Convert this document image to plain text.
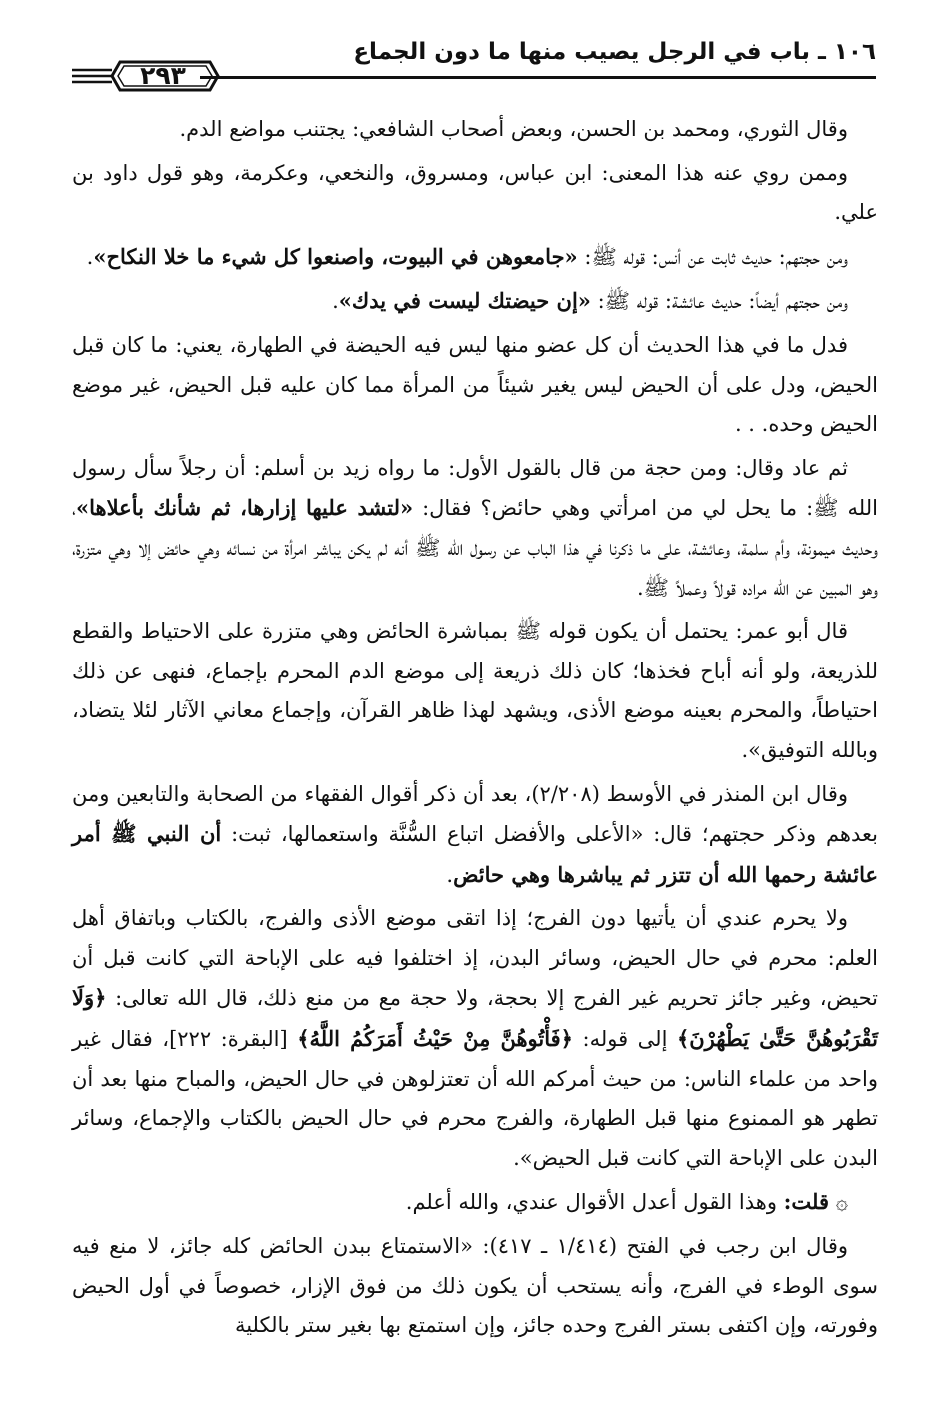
١٠٦ ـ باب في الرجل يصيب منها ما دون الجماع
٢٩٣

وقال الثوري، ومحمد بن الحسن، وبعض أصحاب الشافعي: يجتنب مواضع الدم.

وممن روي عنه هذا المعنى: ابن عباس، ومسروق، والنخعي، وعكرمة، وهو قول داود بن علي.

ومن حجتهم: حديث ثابت عن أنس: قوله ﷺ: «جامعوهن في البيوت، واصنعوا كل شيء ما خلا النكاح».

ومن حجتهم أيضاً: حديث عائشة: قوله ﷺ: «إن حيضتك ليست في يدك».

فدل ما في هذا الحديث أن كل عضو منها ليس فيه الحيضة في الطهارة، يعني: ما كان قبل الحيض، ودل على أن الحيض ليس يغير شيئاً من المرأة مما كان عليه قبل الحيض، غير موضع الحيض وحده. . .

ثم عاد وقال: ومن حجة من قال بالقول الأول: ما رواه زيد بن أسلم: أن رجلاً سأل رسول الله ﷺ: ما يحل لي من امرأتي وهي حائض؟ فقال: «لتشد عليها إزارها، ثم شأنك بأعلاها»، وحديث ميمونة، وأم سلمة، وعائشة، على ما ذكرنا في هذا الباب عن رسول الله ﷺ أنه لم يكن يباشر امرأة من نسائه وهي حائض إلا وهي متزرة، وهو المبين عن الله مراده قولاً وعملاً ﷺ.

قال أبو عمر: يحتمل أن يكون قوله ﷺ بمباشرة الحائض وهي متزرة على الاحتياط والقطع للذريعة، ولو أنه أباح فخذها؛ كان ذلك ذريعة إلى موضع الدم المحرم بإجماع، فنهى عن ذلك احتياطاً، والمحرم بعينه موضع الأذى، ويشهد لهذا ظاهر القرآن، وإجماع معاني الآثار لئلا يتضاد، وبالله التوفيق».

وقال ابن المنذر في الأوسط (٢/٢٠٨)، بعد أن ذكر أقوال الفقهاء من الصحابة والتابعين ومن بعدهم وذكر حجتهم؛ قال: «الأعلى والأفضل اتباع السُّنَّة واستعمالها، ثبت: أن النبي ﷺ أمر عائشة رحمها الله أن تتزر ثم يباشرها وهي حائض.

ولا يحرم عندي أن يأتيها دون الفرج؛ إذا اتقى موضع الأذى والفرج، بالكتاب وباتفاق أهل العلم: محرم في حال الحيض، وسائر البدن، إذ اختلفوا فيه على الإباحة التي كانت قبل أن تحيض، وغير جائز تحريم غير الفرج إلا بحجة، ولا حجة مع من منع ذلك، قال الله تعالى: ﴿وَلَا تَقْرَبُوهُنَّ حَتَّىٰ يَطْهُرْنَ﴾ إلى قوله: ﴿فَأْتُوهُنَّ مِنْ حَيْثُ أَمَرَكُمُ اللَّهُ﴾ [البقرة: ٢٢٢]، فقال غير واحد من علماء الناس: من حيث أمركم الله أن تعتزلوهن في حال الحيض، والمباح منها بعد أن تطهر هو الممنوع منها قبل الطهارة، والفرج محرم في حال الحيض بالكتاب والإجماع، وسائر البدن على الإباحة التي كانت قبل الحيض».

۞ قلت: وهذا القول أعدل الأقوال عندي، والله أعلم.

وقال ابن رجب في الفتح (١/٤١٤ ـ ٤١٧): «الاستمتاع ببدن الحائض كله جائز، لا منع فيه سوى الوطء في الفرج، وأنه يستحب أن يكون ذلك من فوق الإزار، خصوصاً في أول الحيض وفورته، وإن اكتفى بستر الفرج وحده جائز، وإن استمتع بها بغير ستر بالكلية
